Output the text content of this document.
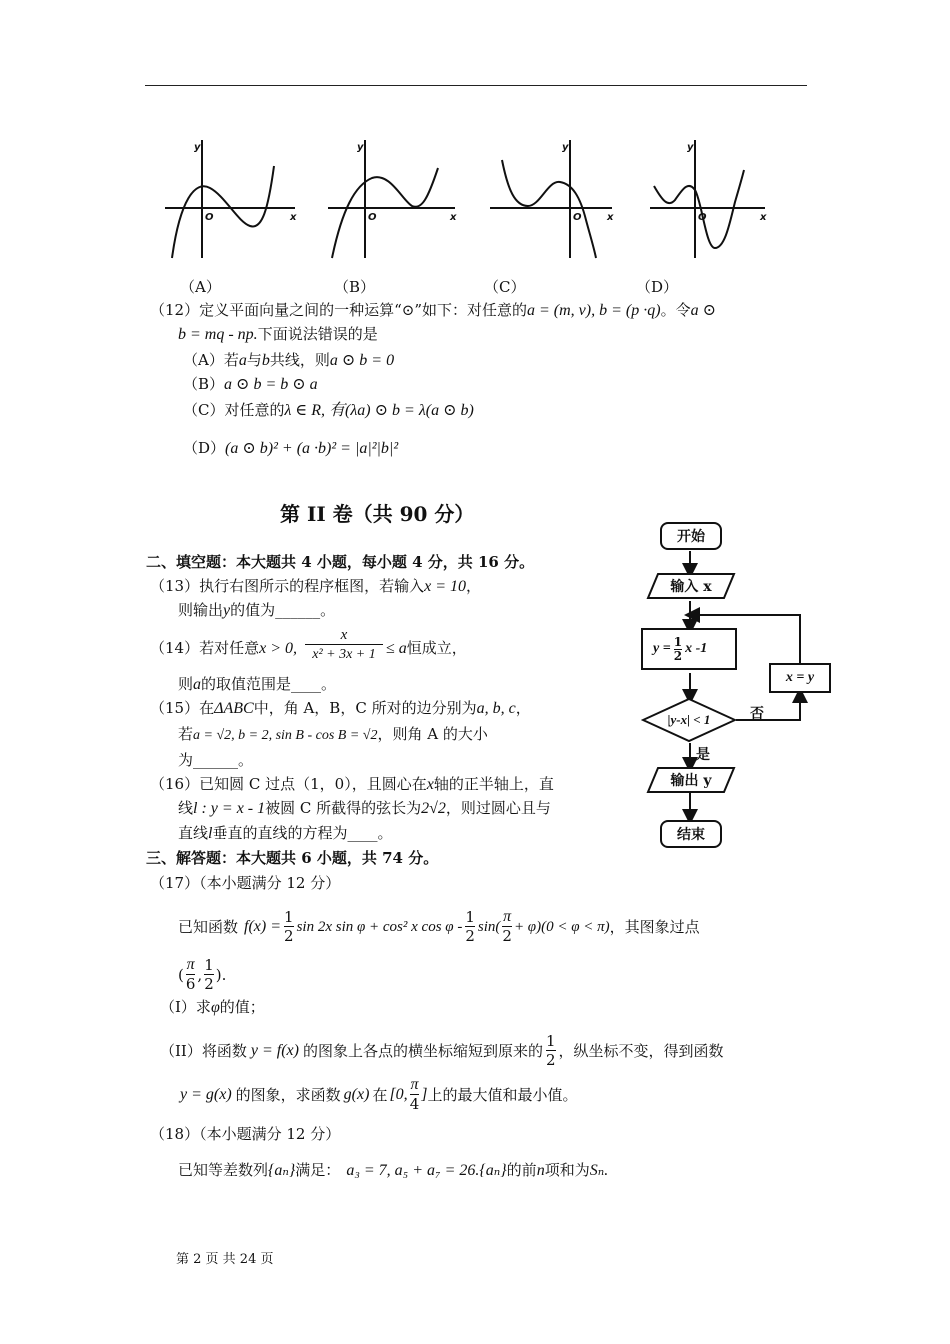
y
x
O
y
x
O
y
x
O
y
x
O
（A）	（B）	（C）	（D）
（12）定义平面向量之间的一种运算“⊙”如下：对任意的a = (m, v), b = (p ·q)。令a ⊙
b = mq - np.下面说法错误的是
（A）若a与b共线，则a ⊙ b = 0
（B）a ⊙ b = b ⊙ a
（C）对任意的λ ∈ R, 有(λa) ⊙ b = λ(a ⊙ b)
（D）(a ⊙ b)² + (a ·b)² = |a|²|b|²
第 II 卷（共 90 分）
二、填空题：本大题共 4 小题，每小题 4 分，共 16 分。
（13）执行右图所示的程序框图，若输入x = 10，
则输出y的值为______。
（14）若对任意x > 0, $\frac{x}{\text{x² + 3x + 1}} \le a$恒成立，
则a的取值范围是____。
（15）在ΔABC中，角 A，B，C 所对的边分别为a, b, c，
若a = √2, b = 2, sin B - cos B = √2，则角 A 的大小
为______。
（16）已知圆 C 过点（1，0），且圆心在x轴的正半轴上，直
线l : y = x - 1被圆 C 所截得的弦长为2√2，则过圆心且与
直线l垂直的直线的方程为____。
开始
输入 x
$y = \frac{1}{2}$ x -1
|y-x| < 1	否
是
x = y
输出 y
结束
三、解答题：本大题共 6 小题，共 74 分。
（17）（本小题满分 12 分）
已知函数 $f(x) = \frac{1}{2}$ sin 2x sin φ + cos² x cos φ -
1
2
sin(
π
2
+ φ)(0 < φ < π) ，其图象过点
(
π
6
,
1
2
).
（I）求φ的值；
（II）将函数 y = f(x) 的图象上各点的横坐标缩短到原来的
1
2
，纵坐标不变，得到函数
y = g(x) 的图象，求函数 g(x) 在 [0,
π
4
] 上的最大值和最小值。
（18）（本小题满分 12 分）
已知等差数列{aₙ}满足： a₃ = 7, a₅ + a₇ = 26.{aₙ}的前n项和为Sₙ.
第 2 页 共 24 页
